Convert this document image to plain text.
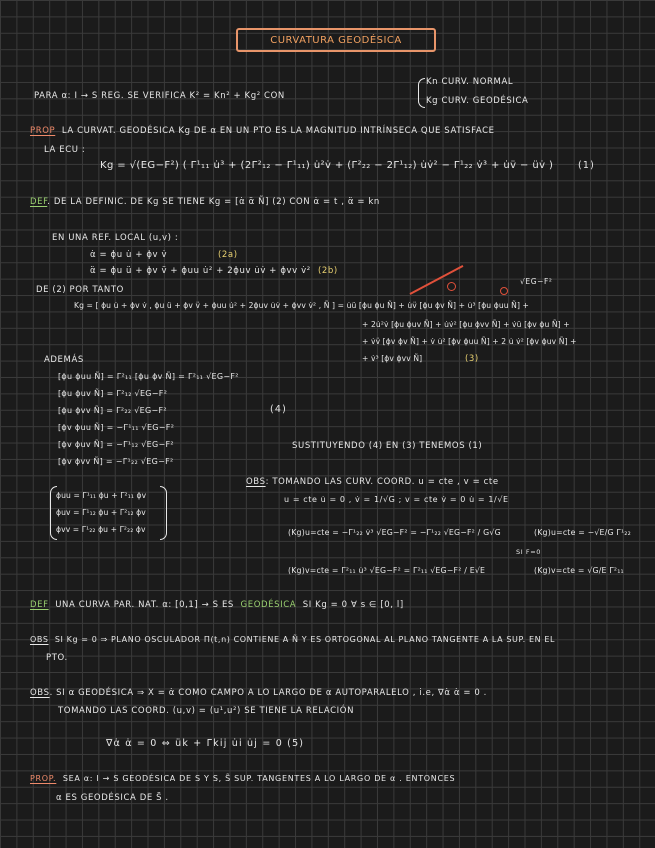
CURVATURA GEODÉSICA
PARA α: I → S REG. SE VERIFICA K² = Kn² + Kg² CON
Kn CURV. NORMAL
Kg CURV. GEODÉSICA
PROP LA CURVAT. GEODÉSICA Kg DE α EN UN PTO ES LA MAGNITUD INTRÍNSECA QUE SATISFACE
LA ECU :
Kg = √(EG−F²) ( Γ¹₁₁ u̇³ + (2Γ²₁₂ − Γ¹₁₁) u̇²v̇ + (Γ²₂₂ − 2Γ¹₁₂) u̇v̇² − Γ¹₂₂ v̇³ + u̇v̈ − üv̇ )	(1)
DEF. DE LA DEFINIC. DE Kg SE TIENE Kg = [α̇ α̈ Ñ] (2) CON α̇ = t , α̈ = kn
EN UNA REF. LOCAL (u,v) :
α̇ = ϕu u̇ + ϕv v̇	(2a)
α̈ = ϕu ü + ϕv v̈ + ϕuu u̇² + 2ϕuv u̇v̇ + ϕvv v̇² (2b)
DE (2) POR TANTO
√EG−F²
Kg = [ ϕu u̇ + ϕv v̇ , ϕu ü + ϕv v̈ + ϕuu u̇² + 2ϕuv u̇v̇ + ϕvv v̇² , Ñ ] = u̇ü [ϕu ϕu Ñ] + u̇v̈ [ϕu ϕv Ñ] + u̇³ [ϕu ϕuu Ñ] +
+ 2u̇²v̇ [ϕu ϕuv Ñ] + u̇v̇² [ϕu ϕvv Ñ] + v̇ü [ϕv ϕu Ñ] +
+ v̇v̈ [ϕv ϕv Ñ] + v̇ u̇² [ϕv ϕuu Ñ] + 2 u̇ v̇² [ϕv ϕuv Ñ] +
+ v̇³ [ϕv ϕvv Ñ]	(3)
ADEMÁS
[ϕu ϕuu Ñ] = Γ²₁₁ [ϕu ϕv Ñ] = Γ²₁₁ √EG−F²
[ϕu ϕuv Ñ] = Γ²₁₂ √EG−F²
[ϕu ϕvv Ñ] = Γ²₂₂ √EG−F²
[ϕv ϕuu Ñ] = −Γ¹₁₁ √EG−F²
[ϕv ϕuv Ñ] = −Γ¹₁₂ √EG−F²
[ϕv ϕvv Ñ] = −Γ¹₂₂ √EG−F²
(4)
SUSTITUYENDO (4) EN (3) TENEMOS (1)
ϕuu = Γ¹₁₁ ϕu + Γ²₁₁ ϕv
ϕuv = Γ¹₁₂ ϕu + Γ²₁₂ ϕv
ϕvv = Γ¹₂₂ ϕu + Γ²₂₂ ϕv
OBS: TOMANDO LAS CURV. COORD. u = cte , v = cte
u = cte u̇ = 0 , v̇ = 1/√G ; v = cte v̇ = 0 u̇ = 1/√E
(Kg)u=cte = −Γ¹₂₂ v̇³ √EG−F² = −Γ¹₂₂ √EG−F² / G√G	(Kg)u=cte = −√E/G Γ¹₂₂
SI F=0
(Kg)v=cte = Γ²₁₁ u̇³ √EG−F² = Γ²₁₁ √EG−F² / E√E	(Kg)v=cte = √G/E Γ²₁₁
DEF UNA CURVA PAR. NAT. α: [0,1] → S ES GEODÉSICA SI Kg = 0 ∀ s ∈ [0, l]
OBS SI Kg = 0 ⇒ PLANO OSCULADOR Π(t,n) CONTIENE A Ñ Y ES ORTOGONAL AL PLANO TANGENTE A LA SUP. EN EL
PTO.
OBS. SI α GEODÉSICA ⇒ X = α̇ COMO CAMPO A LO LARGO DE α AUTOPARALELO , i.e, ∇α̇ α̇ = 0 .
TOMANDO LAS COORD. (u,v) = (u¹,u²) SE TIENE LA RELACIÓN
∇α̇ α̇ = 0 ⇔ ük + Γkij u̇i u̇j = 0 (5)
PROP. SEA α: I → S GEODÉSICA DE S Y S, S̃ SUP. TANGENTES A LO LARGO DE α . ENTONCES
α ES GEODÉSICA DE S̃ .
